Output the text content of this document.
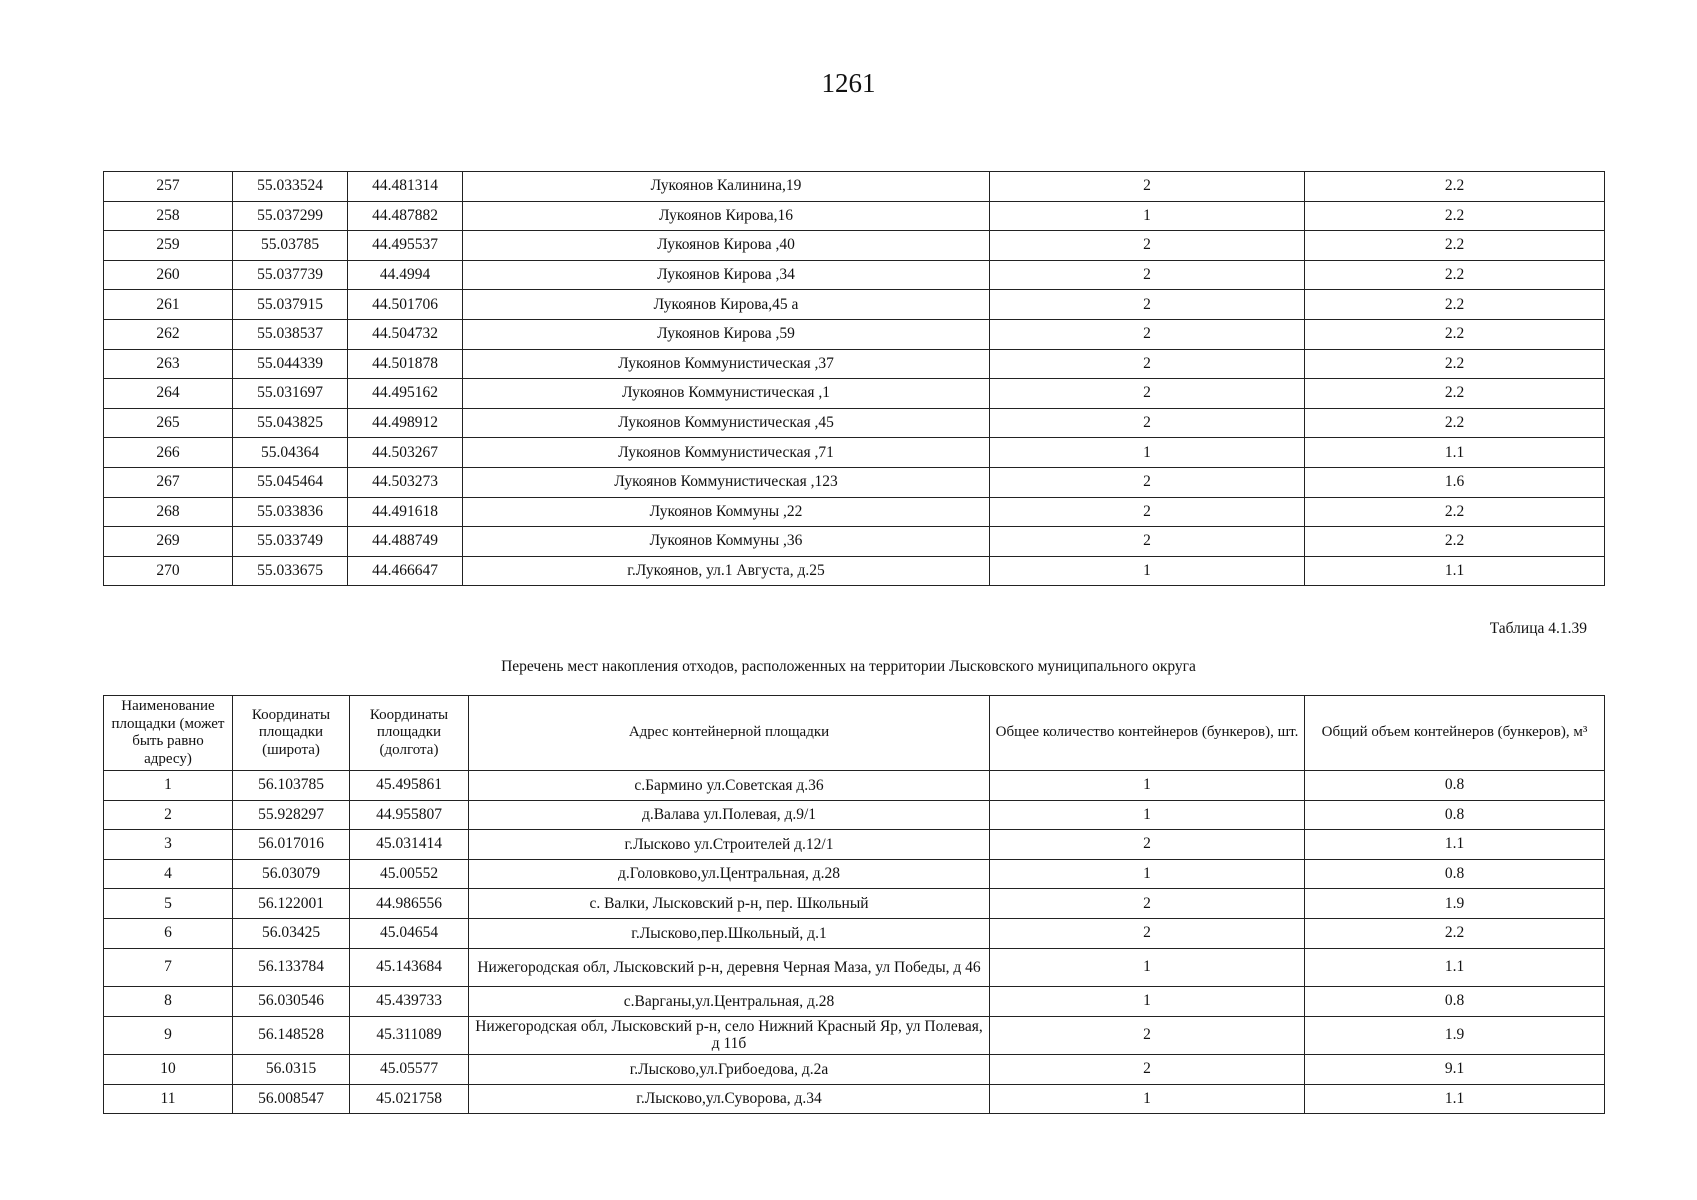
1261
257	55.033524	44.481314	Лукоянов Калинина,19	2	2.2
258	55.037299	44.487882	Лукоянов Кирова,16	1	2.2
259	55.03785	44.495537	Лукоянов Кирова ,40	2	2.2
260	55.037739	44.4994	Лукоянов Кирова ,34	2	2.2
261	55.037915	44.501706	Лукоянов Кирова,45 а	2	2.2
262	55.038537	44.504732	Лукоянов Кирова ,59	2	2.2
263	55.044339	44.501878	Лукоянов Коммунистическая ,37	2	2.2
264	55.031697	44.495162	Лукоянов Коммунистическая ,1	2	2.2
265	55.043825	44.498912	Лукоянов Коммунистическая ,45	2	2.2
266	55.04364	44.503267	Лукоянов Коммунистическая ,71	1	1.1
267	55.045464	44.503273	Лукоянов Коммунистическая ,123	2	1.6
268	55.033836	44.491618	Лукоянов Коммуны ,22	2	2.2
269	55.033749	44.488749	Лукоянов Коммуны ,36	2	2.2
270	55.033675	44.466647	г.Лукоянов, ул.1 Августа, д.25	1	1.1
Таблица 4.1.39
Перечень мест накопления отходов, расположенных на территории Лысковского муниципального округа
Наименование площадки (может быть равно адресу)	Координаты площадки (широта)	Координаты площадки (долгота)	Адрес контейнерной площадки	Общее количество контейнеров (бункеров), шт.	Общий объем контейнеров (бункеров), м³
1	56.103785	45.495861	с.Бармино ул.Советская д.36	1	0.8
2	55.928297	44.955807	д.Валава ул.Полевая, д.9/1	1	0.8
3	56.017016	45.031414	г.Лысково ул.Строителей д.12/1	2	1.1
4	56.03079	45.00552	д.Головково,ул.Центральная, д.28	1	0.8
5	56.122001	44.986556	с. Валки, Лысковский р-н, пер. Школьный	2	1.9
6	56.03425	45.04654	г.Лысково,пер.Школьный, д.1	2	2.2
7	56.133784	45.143684	Нижегородская обл, Лысковский р-н, деревня Черная Маза, ул Победы, д 46	1	1.1
8	56.030546	45.439733	с.Варганы,ул.Центральная, д.28	1	0.8
9	56.148528	45.311089	Нижегородская обл, Лысковский р-н, село Нижний Красный Яр, ул Полевая, д 11б	2	1.9
10	56.0315	45.05577	г.Лысково,ул.Грибоедова, д.2а	2	9.1
11	56.008547	45.021758	г.Лысково,ул.Суворова, д.34	1	1.1
